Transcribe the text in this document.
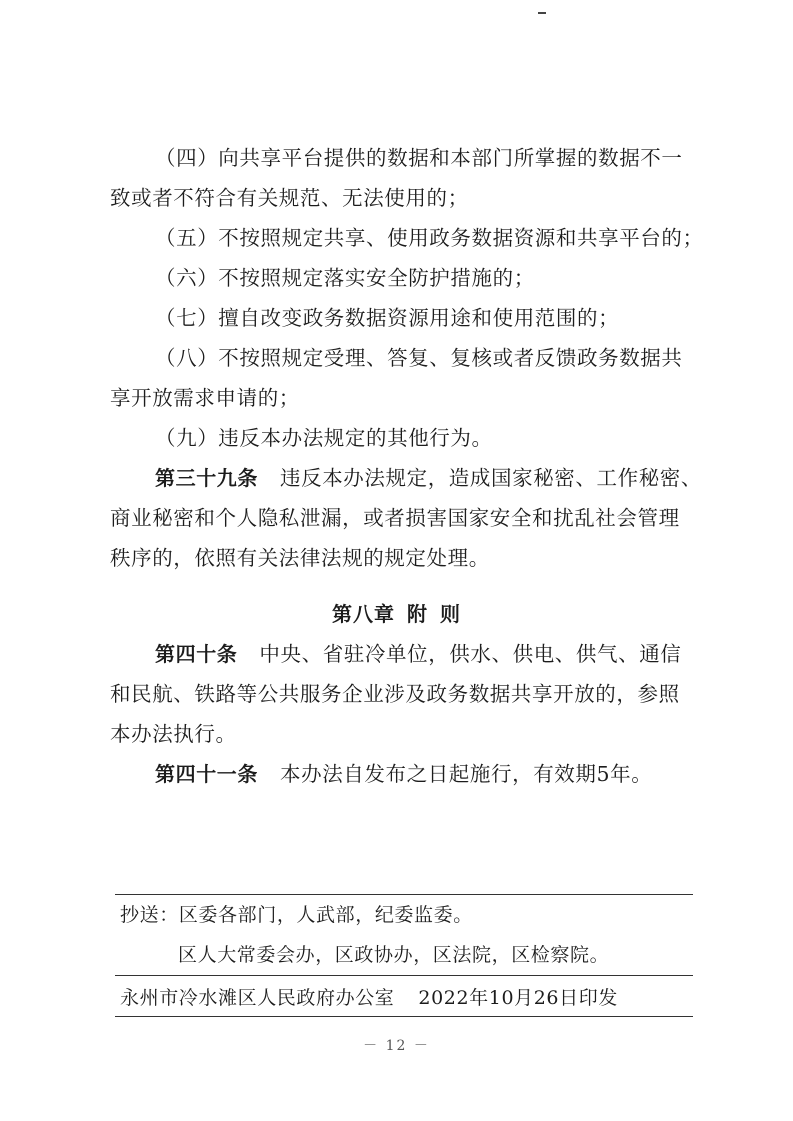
（四）向共享平台提供的数据和本部门所掌握的数据不一

致或者不符合有关规范、无法使用的；

（五）不按照规定共享、使用政务数据资源和共享平台的；

（六）不按照规定落实安全防护措施的；

（七）擅自改变政务数据资源用途和使用范围的；

（八）不按照规定受理、答复、复核或者反馈政务数据共

享开放需求申请的；

（九）违反本办法规定的其他行为。

第三十九条 违反本办法规定，造成国家秘密、工作秘密、

商业秘密和个人隐私泄漏，或者损害国家安全和扰乱社会管理

秩序的，依照有关法律法规的规定处理。

第八章 附 则

第四十条 中央、省驻冷单位，供水、供电、供气、通信

和民航、铁路等公共服务企业涉及政务数据共享开放的，参照

本办法执行。

第四十一条 本办法自发布之日起施行，有效期5年。

抄送：区委各部门，人武部，纪委监委。
区人大常委会办，区政协办，区法院，区检察院。
永州市冷水滩区人民政府办公室 2022年10月26日印发
－ 12 －
